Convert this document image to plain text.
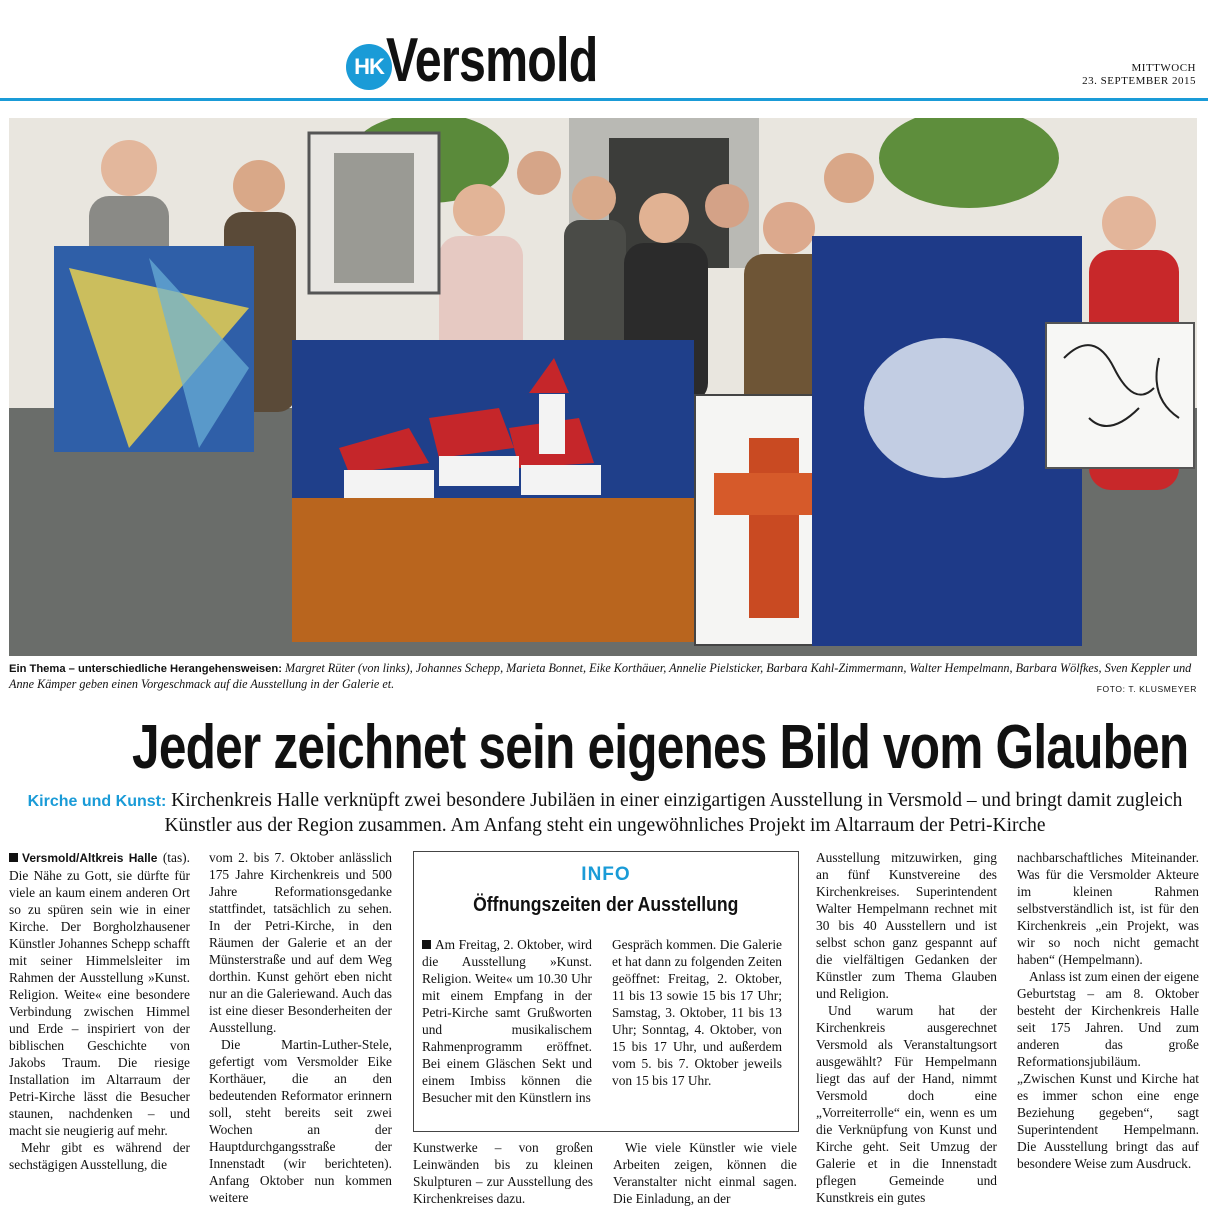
HK Versmold	MITTWOCH
23. SEPTEMBER 2015
Ein Thema – unterschiedliche Herangehensweisen: Margret Rüter (von links), Johannes Schepp, Marieta Bonnet, Eike Korthäuer, Annelie Pielsticker, Barbara Kahl-Zimmermann, Walter Hempelmann, Barbara Wölfkes, Sven Keppler und Anne Kämper geben einen Vorgeschmack auf die Ausstellung in der Galerie et.	FOTO: T. KLUSMEYER
Jeder zeichnet sein eigenes Bild vom Glauben
Kirche und Kunst: Kirchenkreis Halle verknüpft zwei besondere Jubiläen in einer einzigartigen Ausstellung in Versmold – und bringt damit zugleich Künstler aus der Region zusammen. Am Anfang steht ein ungewöhnliches Projekt im Altarraum der Petri-Kirche

Versmold/Altkreis Halle (tas). Die Nähe zu Gott, sie dürfte für viele an kaum einem anderen Ort so zu spüren sein wie in einer Kirche. Der Borgholzhausener Künstler Johannes Schepp schafft mit seiner Himmelsleiter im Rahmen der Ausstellung »Kunst. Religion. Weite« eine besondere Verbindung zwischen Himmel und Erde – inspiriert von der biblischen Geschichte von Jakobs Traum. Die riesige Installation im Altarraum der Petri-Kirche lässt die Besucher staunen, nachdenken – und macht sie neugierig auf mehr.

Mehr gibt es während der sechstägigen Ausstellung, die

vom 2. bis 7. Oktober anlässlich 175 Jahre Kirchenkreis und 500 Jahre Reformationsgedanke stattfindet, tatsächlich zu sehen. In der Petri-Kirche, in den Räumen der Galerie et an der Münsterstraße und auf dem Weg dorthin. Kunst gehört eben nicht nur an die Galeriewand. Auch das ist eine dieser Besonderheiten der Ausstellung.

Die Martin-Luther-Stele, gefertigt vom Versmolder Eike Korthäuer, die an den bedeutenden Reformator erinnern soll, steht bereits seit zwei Wochen an der Hauptdurchgangsstraße der Innenstadt (wir berichteten). Anfang Oktober nun kommen weitere

INFO
Öffnungszeiten der Ausstellung

Am Freitag, 2. Oktober, wird die Ausstellung »Kunst. Religion. Weite« um 10.30 Uhr mit einem Empfang in der Petri-Kirche samt Grußworten und musikalischem Rahmenprogramm eröffnet. Bei einem Gläschen Sekt und einem Imbiss können die Besucher mit den Künstlern ins

Gespräch kommen. Die Galerie et hat dann zu folgenden Zeiten geöffnet: Freitag, 2. Oktober, 11 bis 13 sowie 15 bis 17 Uhr; Samstag, 3. Oktober, 11 bis 13 Uhr; Sonntag, 4. Oktober, von 15 bis 17 Uhr, und außerdem vom 5. bis 7. Oktober jeweils von 15 bis 17 Uhr.

Kunstwerke – von großen Leinwänden bis zu kleinen Skulpturen – zur Ausstellung des Kirchenkreises dazu.

Wie viele Künstler wie viele Arbeiten zeigen, können die Veranstalter nicht einmal sagen. Die Einladung, an der

Ausstellung mitzuwirken, ging an fünf Kunstvereine des Kirchenkreises. Superintendent Walter Hempelmann rechnet mit 30 bis 40 Ausstellern und ist selbst schon ganz gespannt auf die vielfältigen Gedanken der Künstler zum Thema Glauben und Religion.

Und warum hat der Kirchenkreis ausgerechnet Versmold als Veranstaltungsort ausgewählt? Für Hempelmann liegt das auf der Hand, nimmt Versmold doch eine „Vorreiterrolle“ ein, wenn es um die Verknüpfung von Kunst und Kirche geht. Seit Umzug der Galerie et in die Innenstadt pflegen Gemeinde und Kunstkreis ein gutes

nachbarschaftliches Miteinander. Was für die Versmolder Akteure im kleinen Rahmen selbstverständlich ist, ist für den Kirchenkreis „ein Projekt, was wir so noch nicht gemacht haben“ (Hempelmann).

Anlass ist zum einen der eigene Geburtstag – am 8. Oktober besteht der Kirchenkreis Halle seit 175 Jahren. Und zum anderen das große Reformationsjubiläum. „Zwischen Kunst und Kirche hat es immer schon eine enge Beziehung gegeben“, sagt Superintendent Hempelmann. Die Ausstellung bringt das auf besondere Weise zum Ausdruck.
